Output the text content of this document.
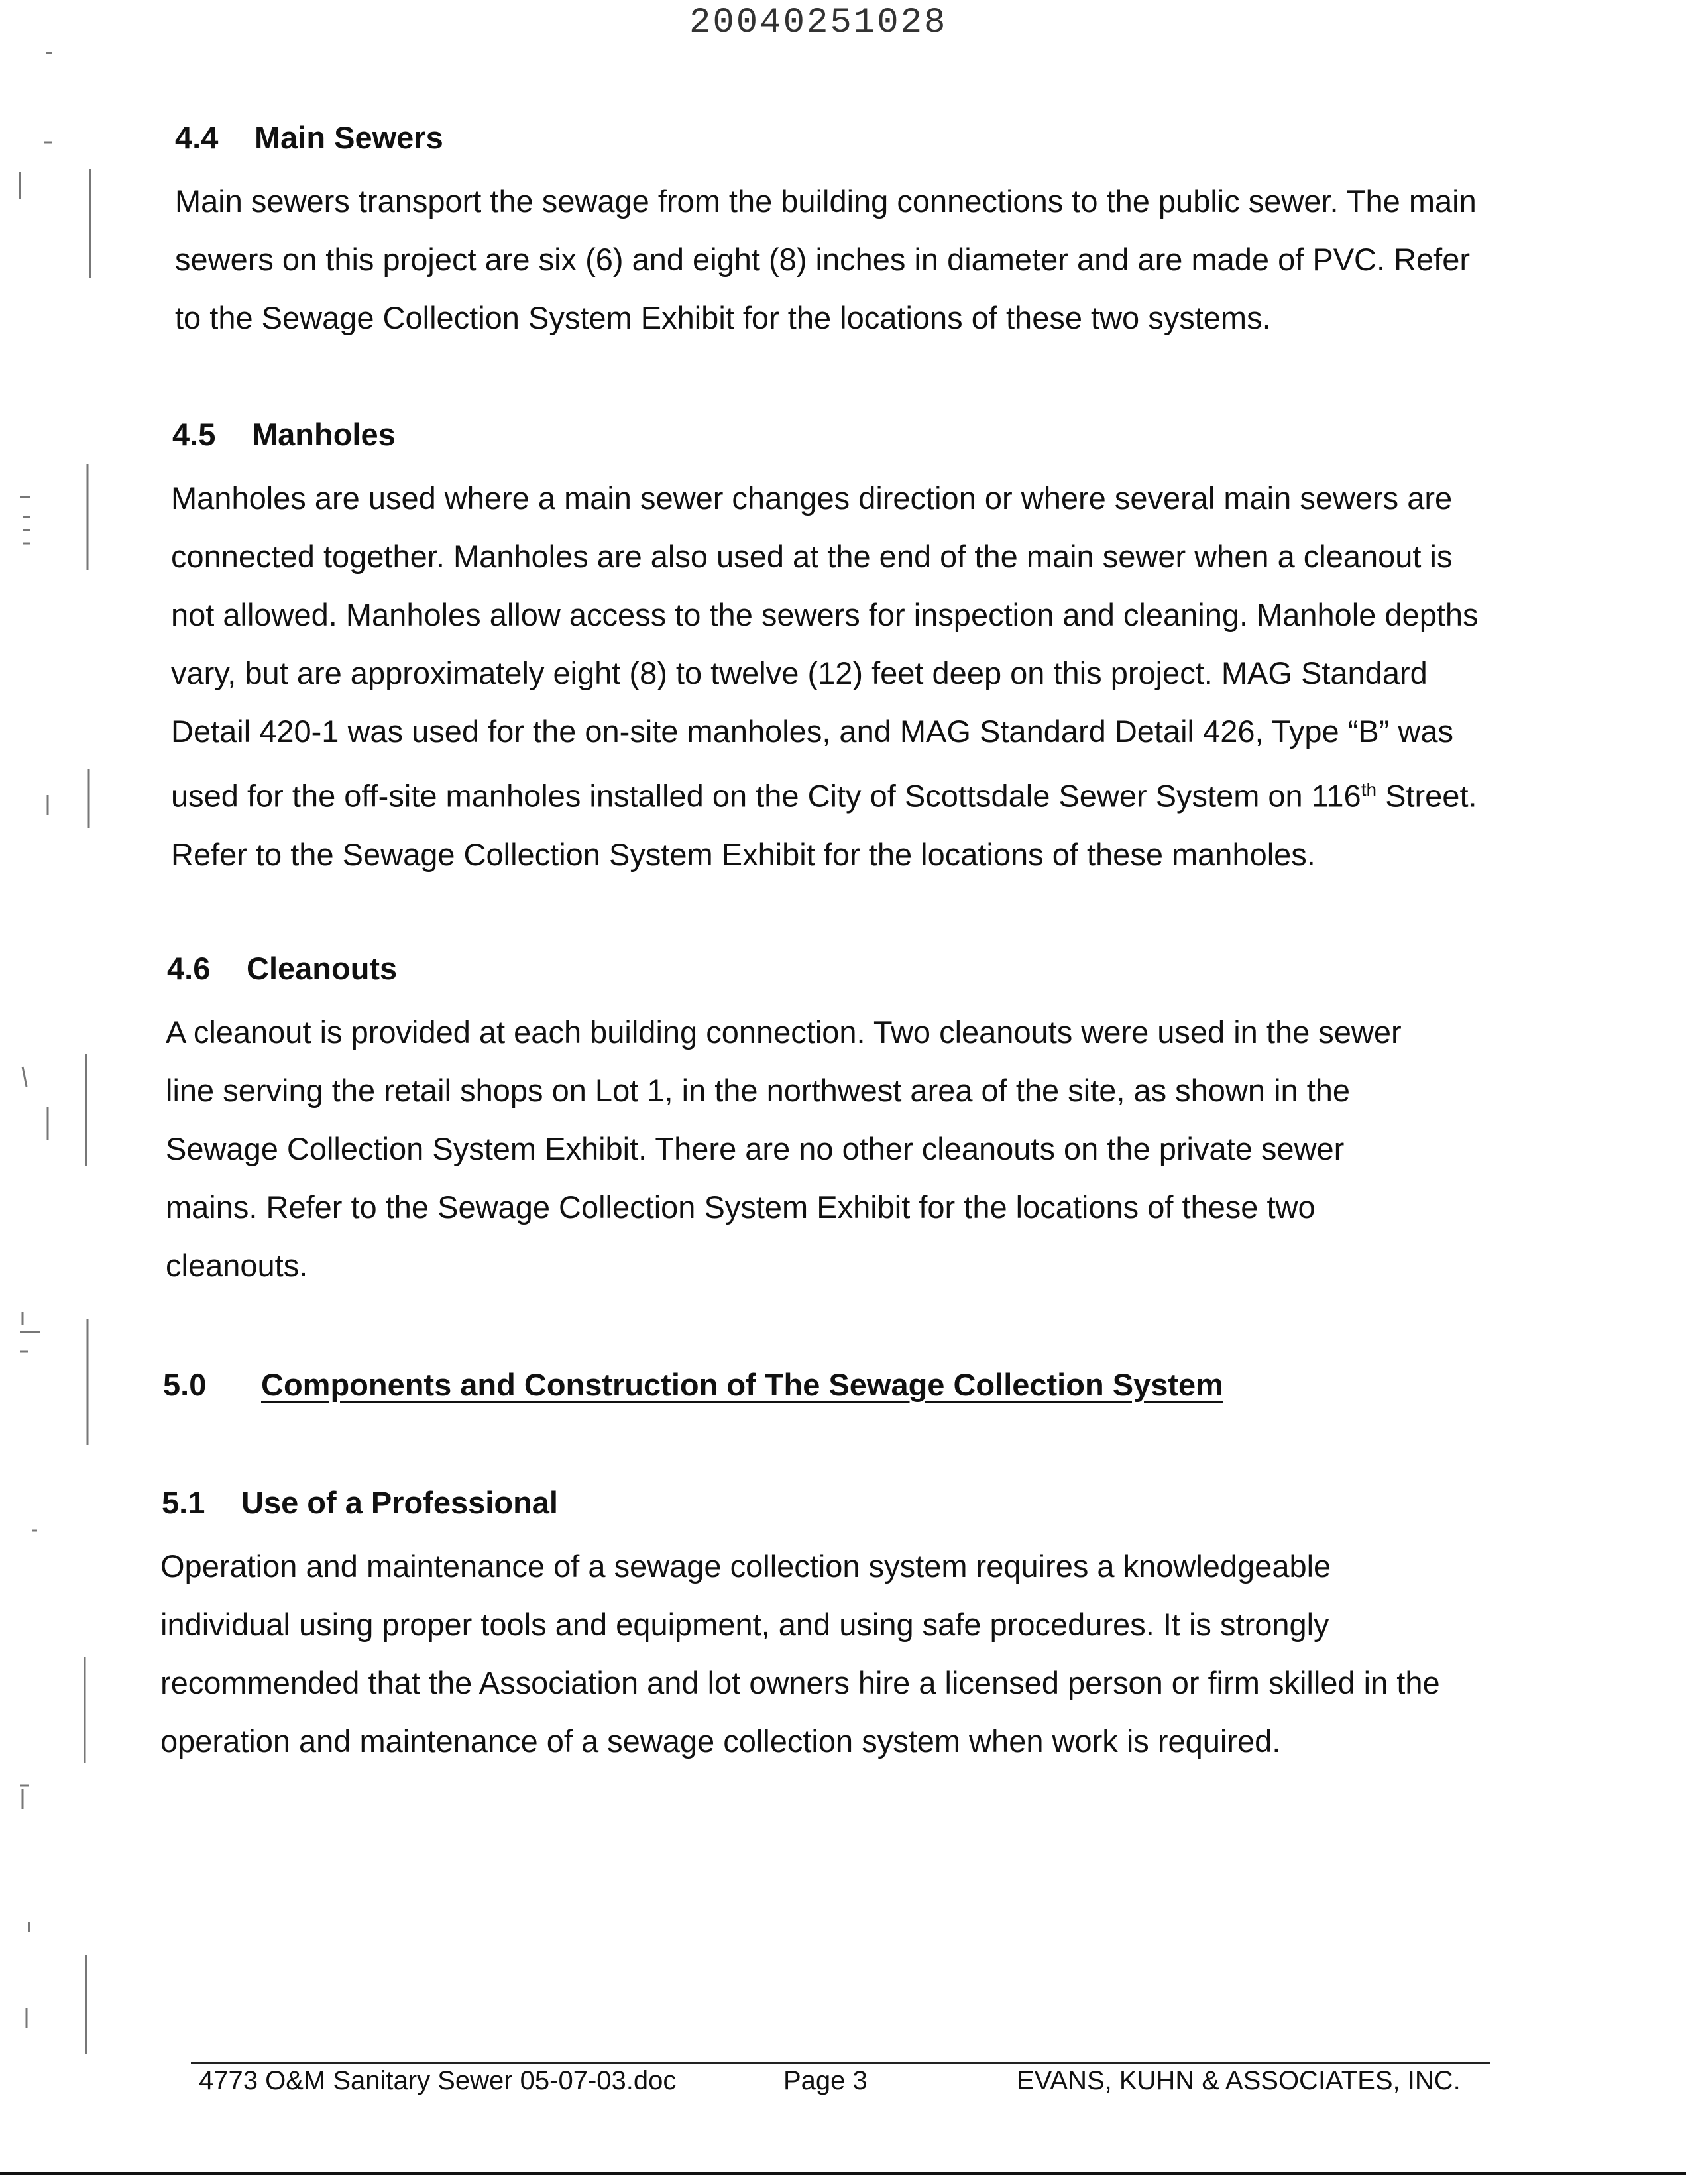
20040251028
4.4 Main Sewers
Main sewers transport the sewage from the building connections to the public sewer. The main
sewers on this project are six (6) and eight (8) inches in diameter and are made of PVC. Refer
to the Sewage Collection System Exhibit for the locations of these two systems.
4.5 Manholes
Manholes are used where a main sewer changes direction or where several main sewers are
connected together. Manholes are also used at the end of the main sewer when a cleanout is
not allowed. Manholes allow access to the sewers for inspection and cleaning. Manhole depths
vary, but are approximately eight (8) to twelve (12) feet deep on this project. MAG Standard
Detail 420-1 was used for the on-site manholes, and MAG Standard Detail 426, Type “B” was
used for the off-site manholes installed on the City of Scottsdale Sewer System on 116th Street.
Refer to the Sewage Collection System Exhibit for the locations of these manholes.
4.6 Cleanouts
A cleanout is provided at each building connection. Two cleanouts were used in the sewer
line serving the retail shops on Lot 1, in the northwest area of the site, as shown in the
Sewage Collection System Exhibit. There are no other cleanouts on the private sewer
mains. Refer to the Sewage Collection System Exhibit for the locations of these two
cleanouts.
5.0 Components and Construction of The Sewage Collection System
5.1 Use of a Professional
Operation and maintenance of a sewage collection system requires a knowledgeable
individual using proper tools and equipment, and using safe procedures. It is strongly
recommended that the Association and lot owners hire a licensed person or firm skilled in the
operation and maintenance of a sewage collection system when work is required.
4773 O&M Sanitary Sewer 05-07-03.doc	Page 3	EVANS, KUHN & ASSOCIATES, INC.
